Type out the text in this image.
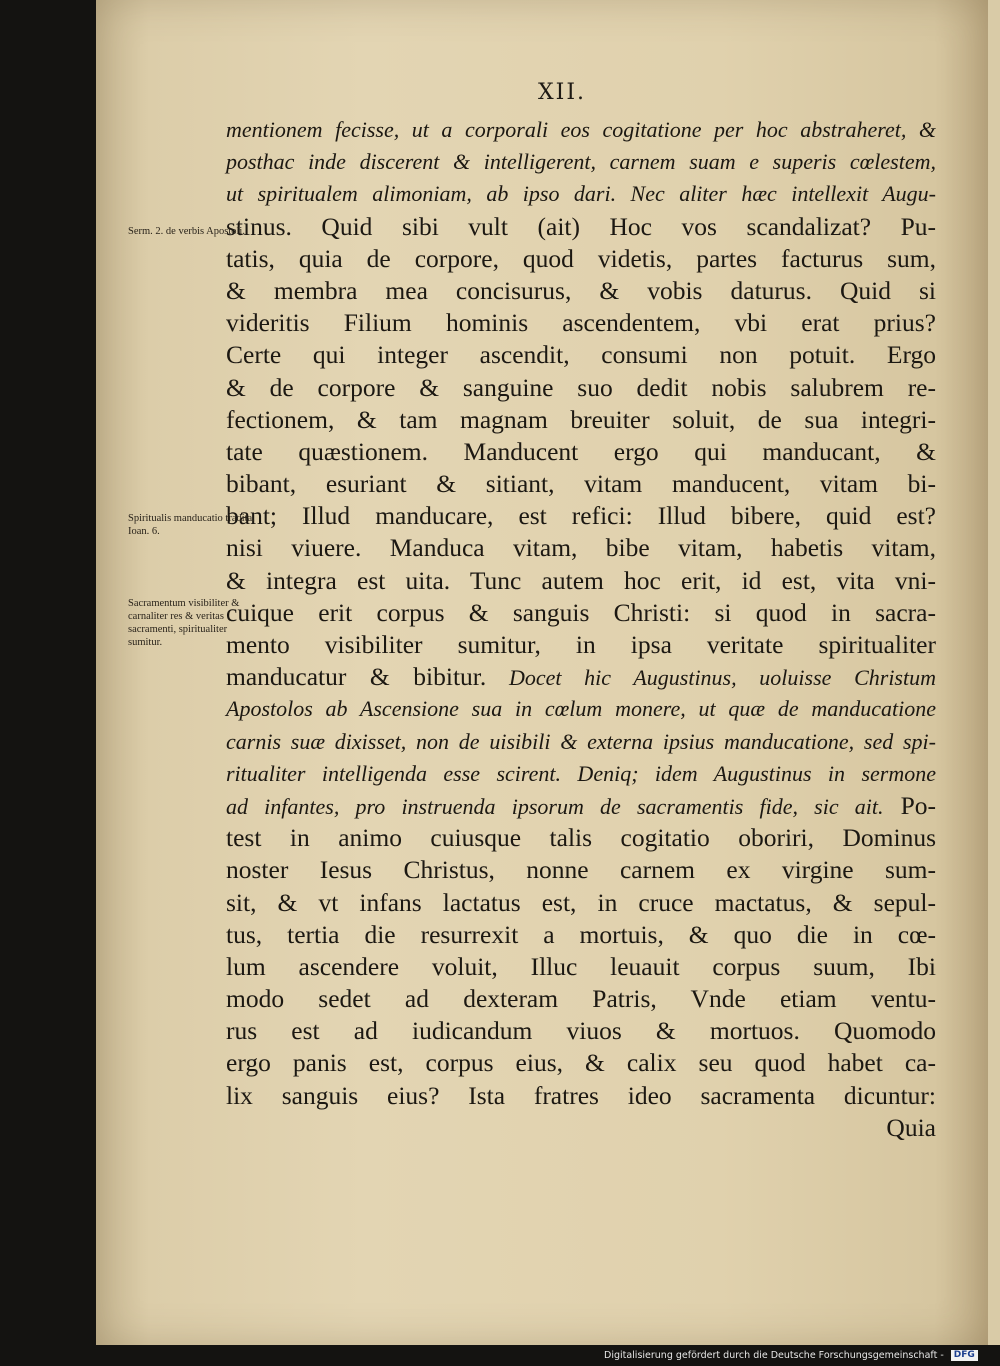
XII.
mentionem fecisse, ut a corporali eos cogitatione per hoc abstraheret, &
posthac inde discerent & intelligerent, carnem suam e superis cœlestem,
ut spiritualem alimoniam, ab ipso dari. Nec aliter hæc intellexit Augu-
stinus. Quid sibi vult (ait) Hoc vos scandalizat? Pu-
tatis, quia de corpore, quod videtis, partes facturus sum,
& membra mea concisurus, & vobis daturus. Quid si
videritis Filium hominis ascendentem, vbi erat prius?
Certe qui integer ascendit, consumi non potuit. Ergo
& de corpore & sanguine suo dedit nobis salubrem re-
fectionem, & tam magnam breuiter soluit, de sua integri-
tate quæstionem. Manducent ergo qui manducant, &
bibant, esuriant & sitiant, vitam manducent, vitam bi-
bant; Illud manducare, est refici: Illud bibere, quid est?
nisi viuere. Manduca vitam, bibe vitam, habetis vitam,
& integra est uita. Tunc autem hoc erit, id est, vita vni-
cuique erit corpus & sanguis Christi: si quod in sacra-
mento visibiliter sumitur, in ipsa veritate spiritualiter
manducatur & bibitur. Docet hic Augustinus, uoluisse Christum
Apostolos ab Ascensione sua in cœlum monere, ut quæ de manducatione
carnis suæ dixisset, non de uisibili & externa ipsius manducatione, sed spi-
ritualiter intelligenda esse scirent. Deniq; idem Augustinus in sermone
ad infantes, pro instruenda ipsorum de sacramentis fide, sic ait. Po-
test in animo cuiusque talis cogitatio oboriri, Dominus
noster Iesus Christus, nonne carnem ex virgine sum-
sit, & vt infans lactatus est, in cruce mactatus, & sepul-
tus, tertia die resurrexit a mortuis, & quo die in cœ-
lum ascendere voluit, Illuc leuauit corpus suum, Ibi
modo sedet ad dexteram Patris, Vnde etiam ventu-
rus est ad iudicandum viuos & mortuos. Quomodo
ergo panis est, corpus eius, & calix seu quod habet ca-
lix sanguis eius? Ista fratres ideo sacramenta dicuntur:
Quia
Serm. 2. de verbis Apostoli.
Spiritualis manducatio tradita. Ioan. 6.
Sacramentum visibiliter & carnaliter res & veritas sacramenti, spiritualiter sumitur.
Digitalisierung gefördert durch die Deutsche Forschungsgemeinschaft - DFG
